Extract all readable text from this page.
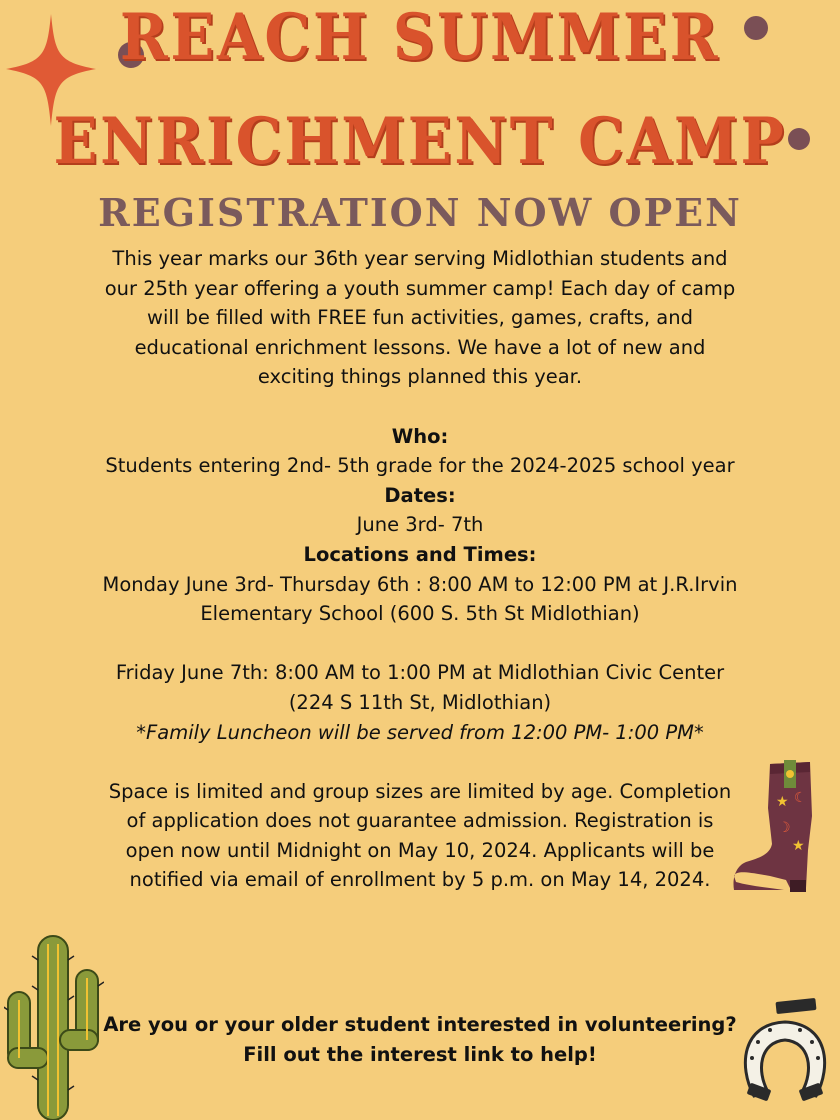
REACH SUMMER
ENRICHMENT CAMP
REGISTRATION NOW OPEN

This year marks our 36th year serving Midlothian students and our 25th year offering a youth summer camp! Each day of camp will be filled with FREE fun activities, games, crafts, and educational enrichment lessons. We have a lot of new and exciting things planned this year.

Who:

Students entering 2nd- 5th grade for the 2024-2025 school year

Dates:

June 3rd- 7th

Locations and Times:

Monday June 3rd- Thursday 6th : 8:00 AM to 12:00 PM at J.R.Irvin Elementary School (600 S. 5th St Midlothian)

Friday June 7th: 8:00 AM to 1:00 PM at Midlothian Civic Center (224 S 11th St, Midlothian)

*Family Luncheon will be served from 12:00 PM- 1:00 PM*

Space is limited and group sizes are limited by age. Completion of application does not guarantee admission. Registration is open now until Midnight on May 10, 2024. Applicants will be notified via email of enrollment by 5 p.m. on May 14, 2024.

Are you or your older student interested in volunteering? Fill out the interest link to help!

★ ☾
☽
★
